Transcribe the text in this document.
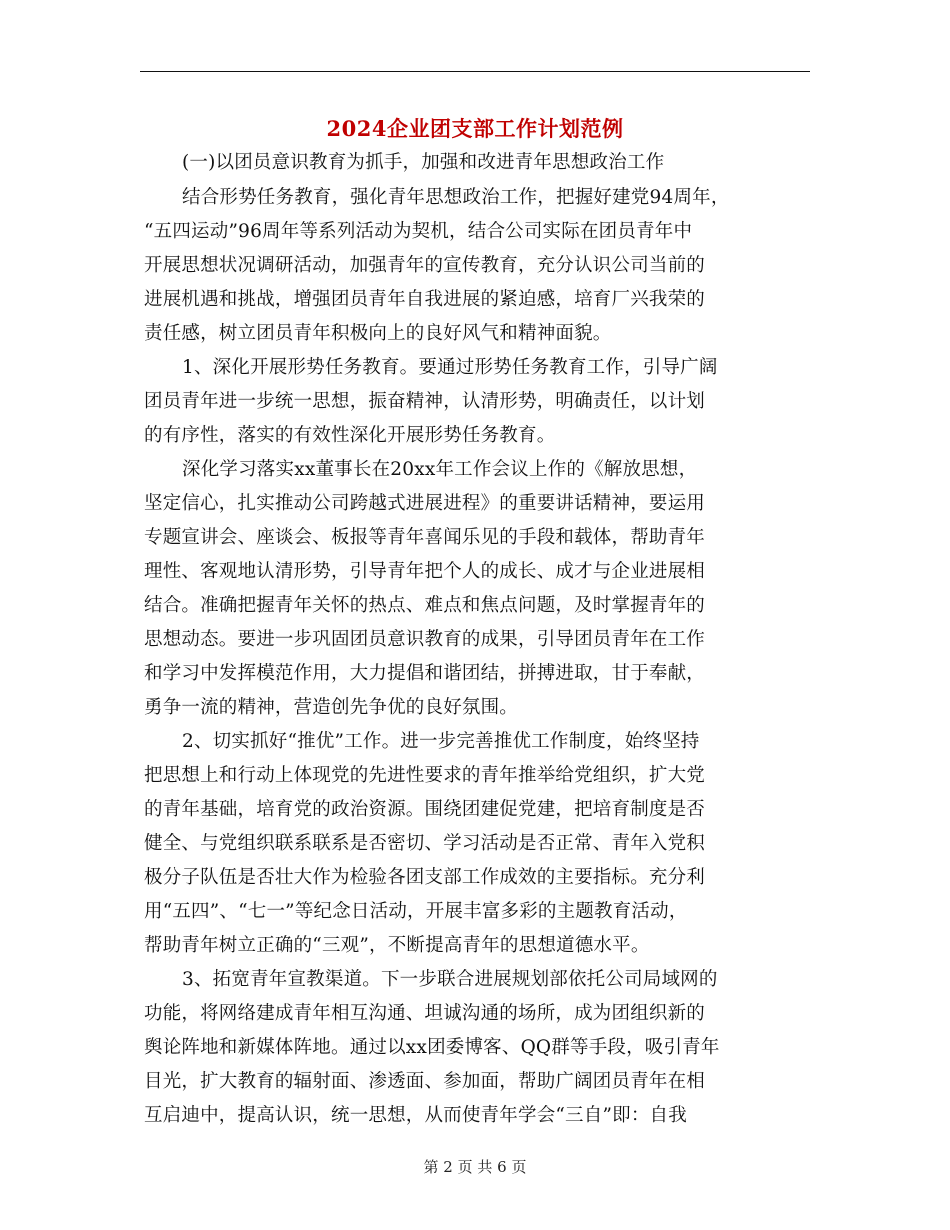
2024企业团支部工作计划范例
(一)以团员意识教育为抓手，加强和改进青年思想政治工作
结合形势任务教育，强化青年思想政治工作，把握好建党94周年，
“五四运动”96周年等系列活动为契机，结合公司实际在团员青年中
开展思想状况调研活动，加强青年的宣传教育，充分认识公司当前的
进展机遇和挑战，增强团员青年自我进展的紧迫感，培育厂兴我荣的
责任感，树立团员青年积极向上的良好风气和精神面貌。
1、深化开展形势任务教育。要通过形势任务教育工作，引导广阔
团员青年进一步统一思想，振奋精神，认清形势，明确责任，以计划
的有序性，落实的有效性深化开展形势任务教育。
深化学习落实xx董事长在20xx年工作会议上作的《解放思想，
坚定信心，扎实推动公司跨越式进展进程》的重要讲话精神，要运用
专题宣讲会、座谈会、板报等青年喜闻乐见的手段和载体，帮助青年
理性、客观地认清形势，引导青年把个人的成长、成才与企业进展相
结合。准确把握青年关怀的热点、难点和焦点问题，及时掌握青年的
思想动态。要进一步巩固团员意识教育的成果，引导团员青年在工作
和学习中发挥模范作用，大力提倡和谐团结，拼搏进取，甘于奉献，
勇争一流的精神，营造创先争优的良好氛围。
2、切实抓好“推优”工作。进一步完善推优工作制度，始终坚持
把思想上和行动上体现党的先进性要求的青年推举给党组织，扩大党
的青年基础，培育党的政治资源。围绕团建促党建，把培育制度是否
健全、与党组织联系联系是否密切、学习活动是否正常、青年入党积
极分子队伍是否壮大作为检验各团支部工作成效的主要指标。充分利
用“五四”、“七一”等纪念日活动，开展丰富多彩的主题教育活动，
帮助青年树立正确的“三观”，不断提高青年的思想道德水平。
3、拓宽青年宣教渠道。下一步联合进展规划部依托公司局域网的
功能，将网络建成青年相互沟通、坦诚沟通的场所，成为团组织新的
舆论阵地和新媒体阵地。通过以xx团委博客、QQ群等手段，吸引青年
目光，扩大教育的辐射面、渗透面、参加面，帮助广阔团员青年在相
互启迪中，提高认识，统一思想，从而使青年学会“三自”即：自我
第 2 页 共 6 页
